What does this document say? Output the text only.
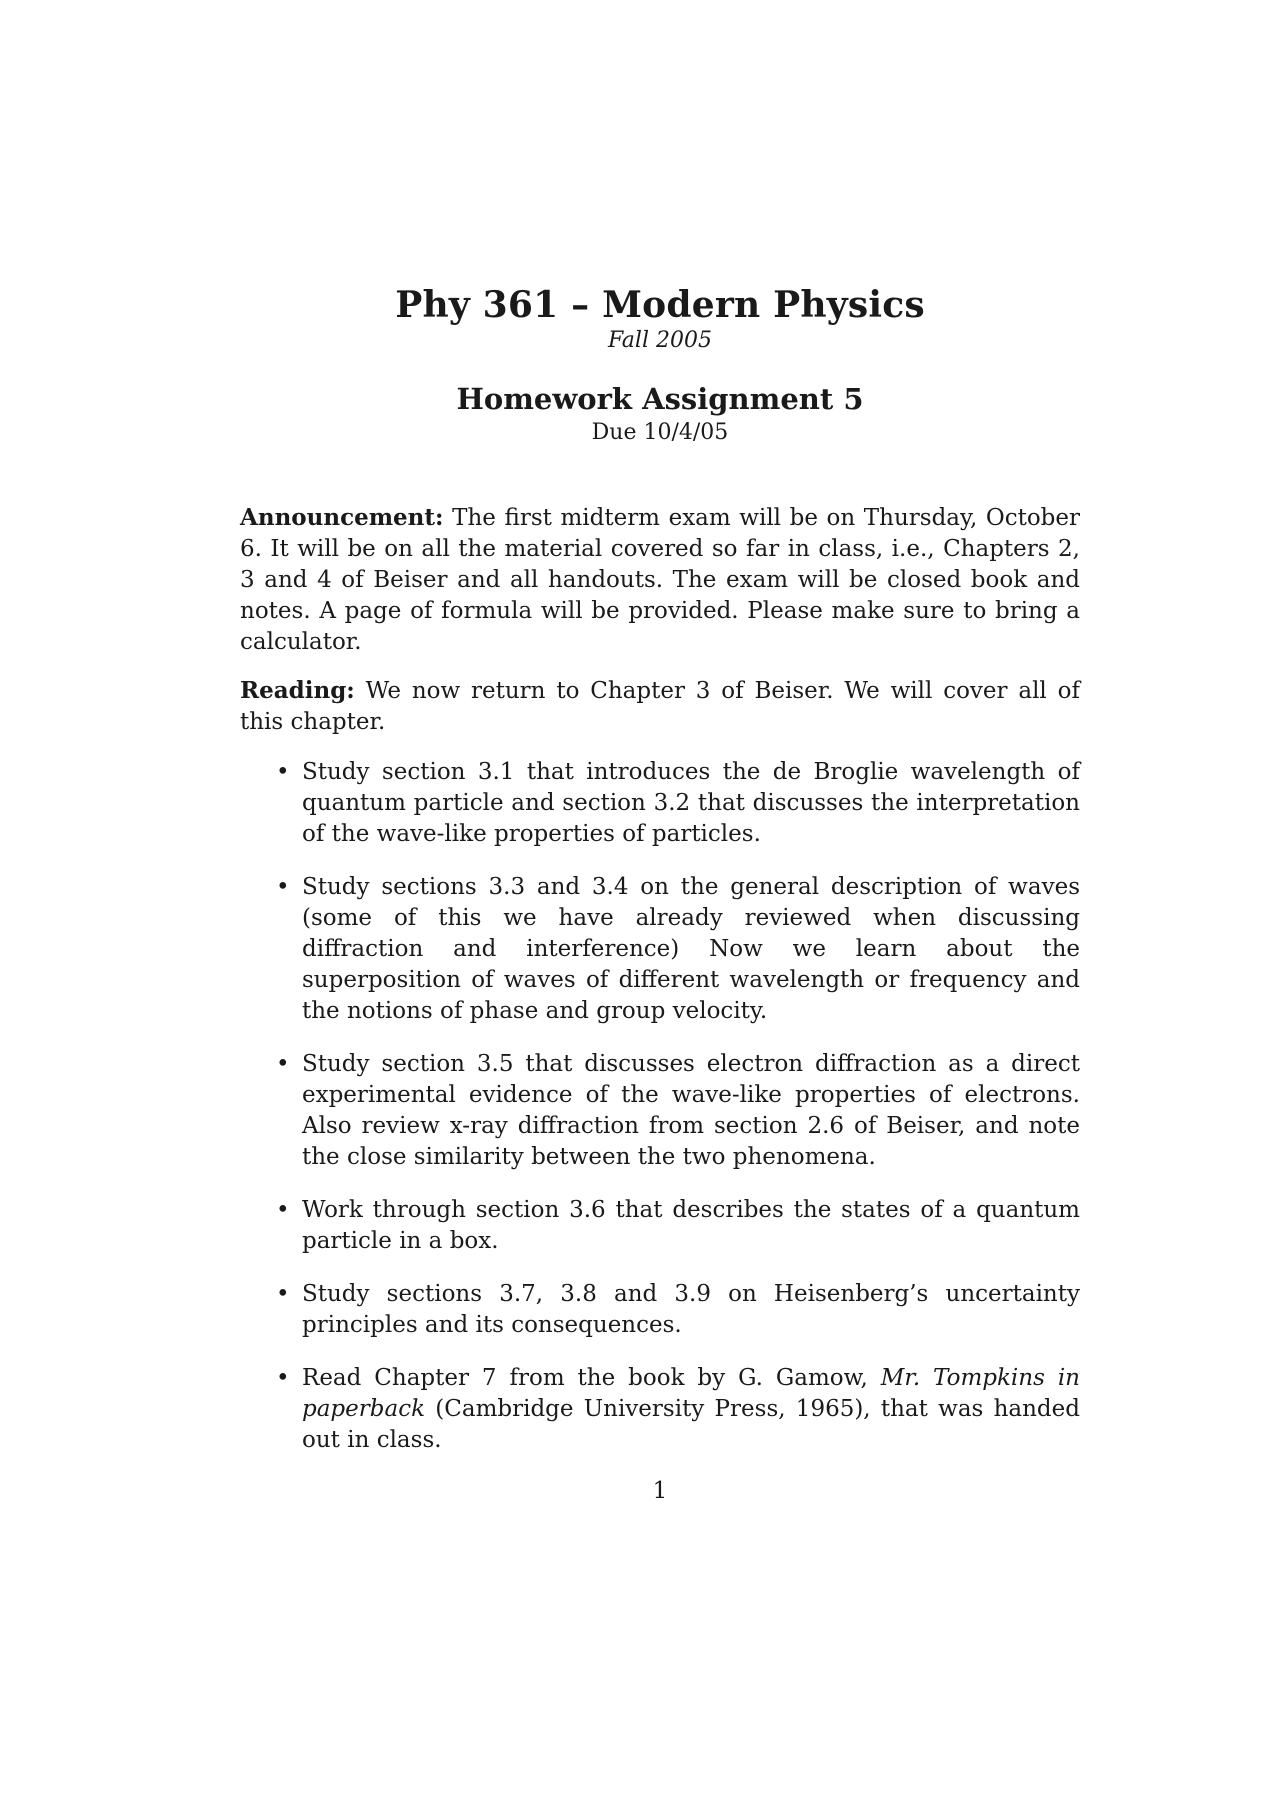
Phy 361 – Modern Physics
Fall 2005
Homework Assignment 5
Due 10/4/05
Announcement: The first midterm exam will be on Thursday, October 6. It will be on all the material covered so far in class, i.e., Chapters 2, 3 and 4 of Beiser and all handouts. The exam will be closed book and notes. A page of formula will be provided. Please make sure to bring a calculator.
Reading: We now return to Chapter 3 of Beiser. We will cover all of this chapter.
• Study section 3.1 that introduces the de Broglie wavelength of quantum particle and section 3.2 that discusses the interpretation of the wave-like properties of particles.
• Study sections 3.3 and 3.4 on the general description of waves (some of this we have already reviewed when discussing diffraction and interference) Now we learn about the superposition of waves of different wavelength or frequency and the notions of phase and group velocity.
• Study section 3.5 that discusses electron diffraction as a direct experimental evidence of the wave-like properties of electrons. Also review x-ray diffraction from section 2.6 of Beiser, and note the close similarity between the two phenomena.
• Work through section 3.6 that describes the states of a quantum particle in a box.
• Study sections 3.7, 3.8 and 3.9 on Heisenberg’s uncertainty principles and its consequences.
• Read Chapter 7 from the book by G. Gamow, Mr. Tompkins in paperback (Cambridge University Press, 1965), that was handed out in class.
1
